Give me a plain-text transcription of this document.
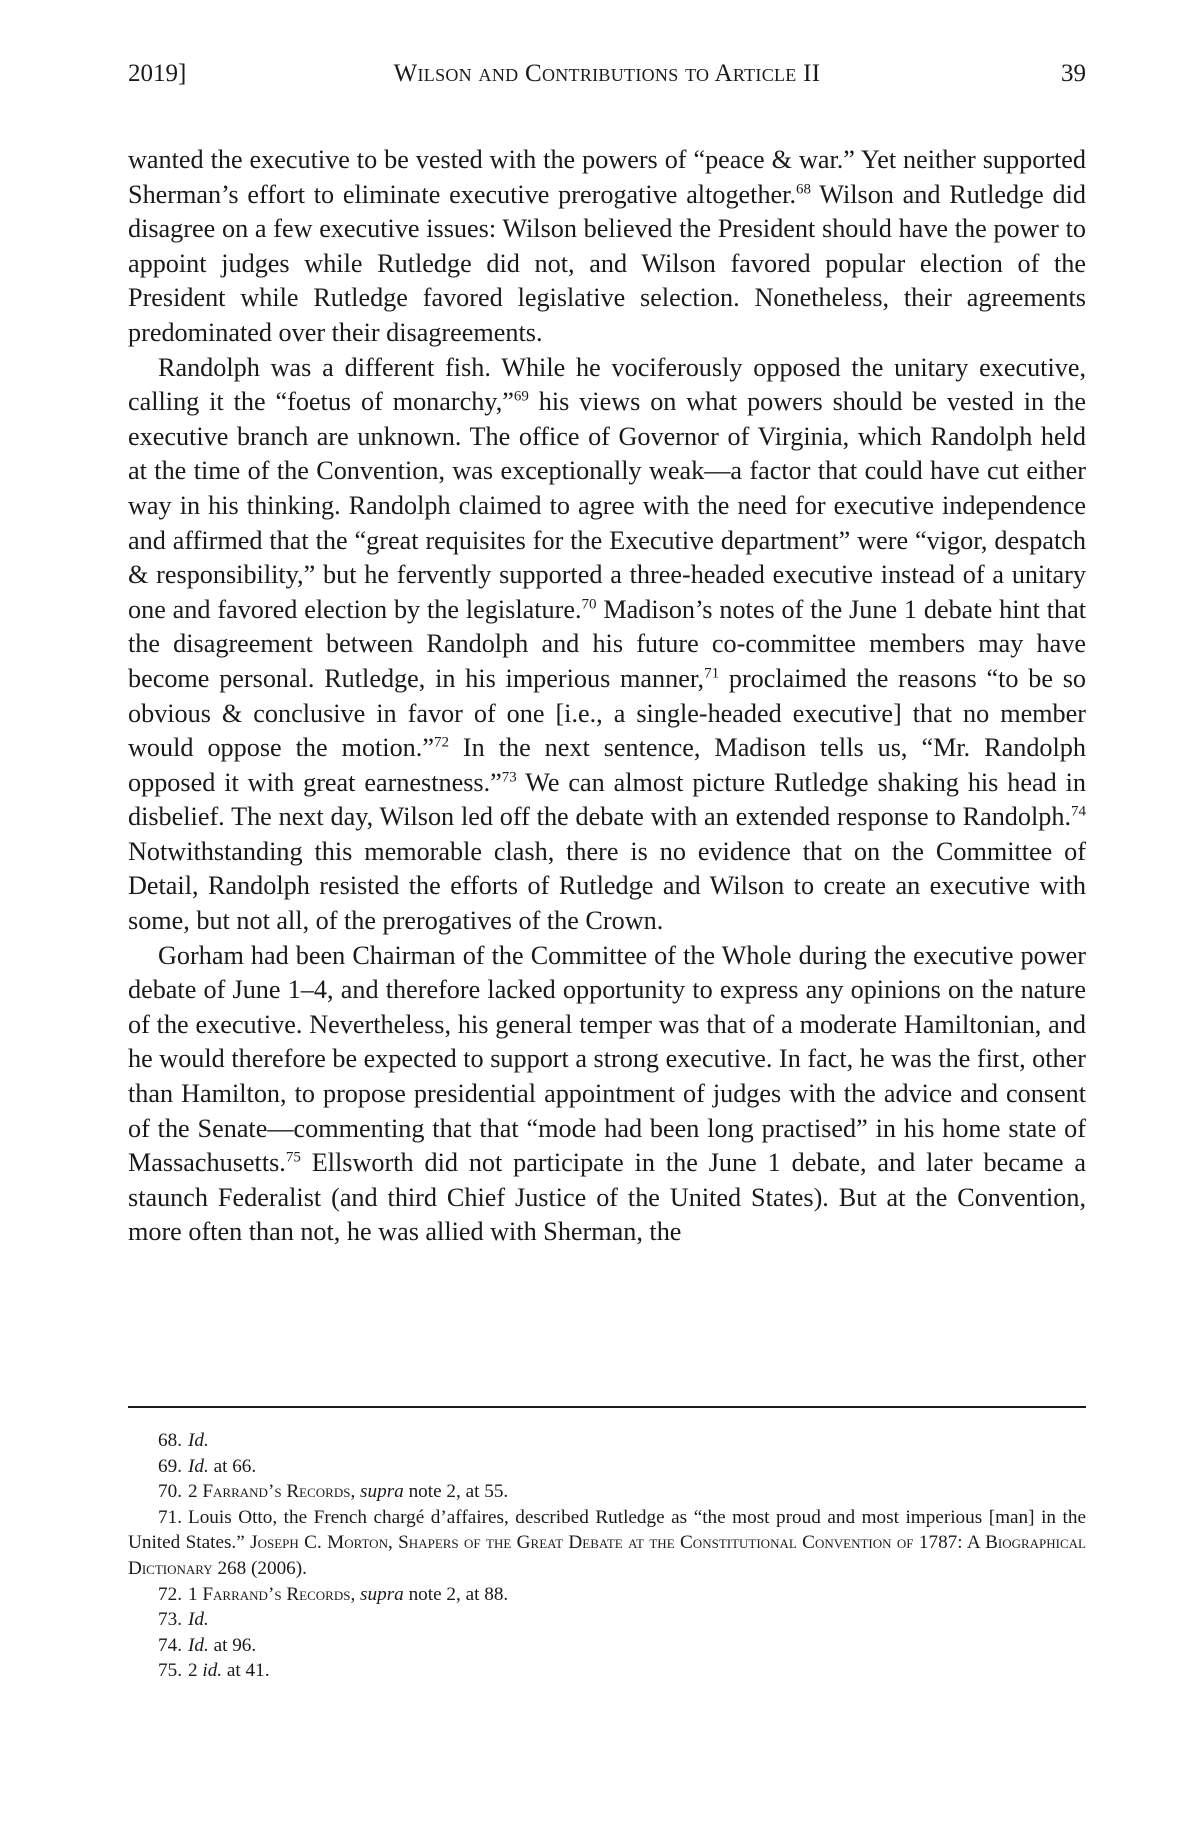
2019]	Wilson and Contributions to Article II	39

wanted the executive to be vested with the powers of “peace & war.” Yet neither supported Sherman’s effort to eliminate executive prerogative altogether.$^{68}$ Wilson and Rutledge did disagree on a few executive issues: Wilson believed the President should have the power to appoint judges while Rutledge did not, and Wilson favored popular election of the President while Rutledge favored legislative selection. Nonetheless, their agreements predominated over their disagreements.

Randolph was a different fish. While he vociferously opposed the unitary executive, calling it the “foetus of monarchy,”$^{69}$ his views on what powers should be vested in the executive branch are unknown. The office of Governor of Virginia, which Randolph held at the time of the Convention, was exceptionally weak—a factor that could have cut either way in his thinking. Randolph claimed to agree with the need for executive independence and affirmed that the “great requisites for the Executive department” were “vigor, despatch & responsibility,” but he fervently supported a three-headed executive instead of a unitary one and favored election by the legislature.$^{70}$ Madison’s notes of the June 1 debate hint that the disagreement between Randolph and his future co-committee members may have become personal. Rutledge, in his imperious manner,$^{71}$ proclaimed the reasons “to be so obvious & conclusive in favor of one [i.e., a single-headed executive] that no member would oppose the motion.”$^{72}$ In the next sentence, Madison tells us, “Mr. Randolph opposed it with great earnestness.”$^{73}$ We can almost picture Rutledge shaking his head in disbelief. The next day, Wilson led off the debate with an extended response to Randolph.$^{74}$ Notwithstanding this memorable clash, there is no evidence that on the Committee of Detail, Randolph resisted the efforts of Rutledge and Wilson to create an executive with some, but not all, of the prerogatives of the Crown.

Gorham had been Chairman of the Committee of the Whole during the executive power debate of June 1–4, and therefore lacked opportunity to express any opinions on the nature of the executive. Nevertheless, his general temper was that of a moderate Hamiltonian, and he would therefore be expected to support a strong executive. In fact, he was the first, other than Hamilton, to propose presidential appointment of judges with the advice and consent of the Senate—commenting that that “mode had been long practised” in his home state of Massachusetts.$^{75}$ Ellsworth did not participate in the June 1 debate, and later became a staunch Federalist (and third Chief Justice of the United States). But at the Convention, more often than not, he was allied with Sherman, the

68. Id.

69. Id. at 66.

70. 2 Farrand’s Records, supra note 2, at 55.

71. Louis Otto, the French chargé d’affaires, described Rutledge as “the most proud and most imperious [man] in the United States.” Joseph C. Morton, Shapers of the Great Debate at the Constitutional Convention of 1787: A Biographical Dictionary 268 (2006).

72. 1 Farrand’s Records, supra note 2, at 88.

73. Id.

74. Id. at 96.

75. 2 id. at 41.
